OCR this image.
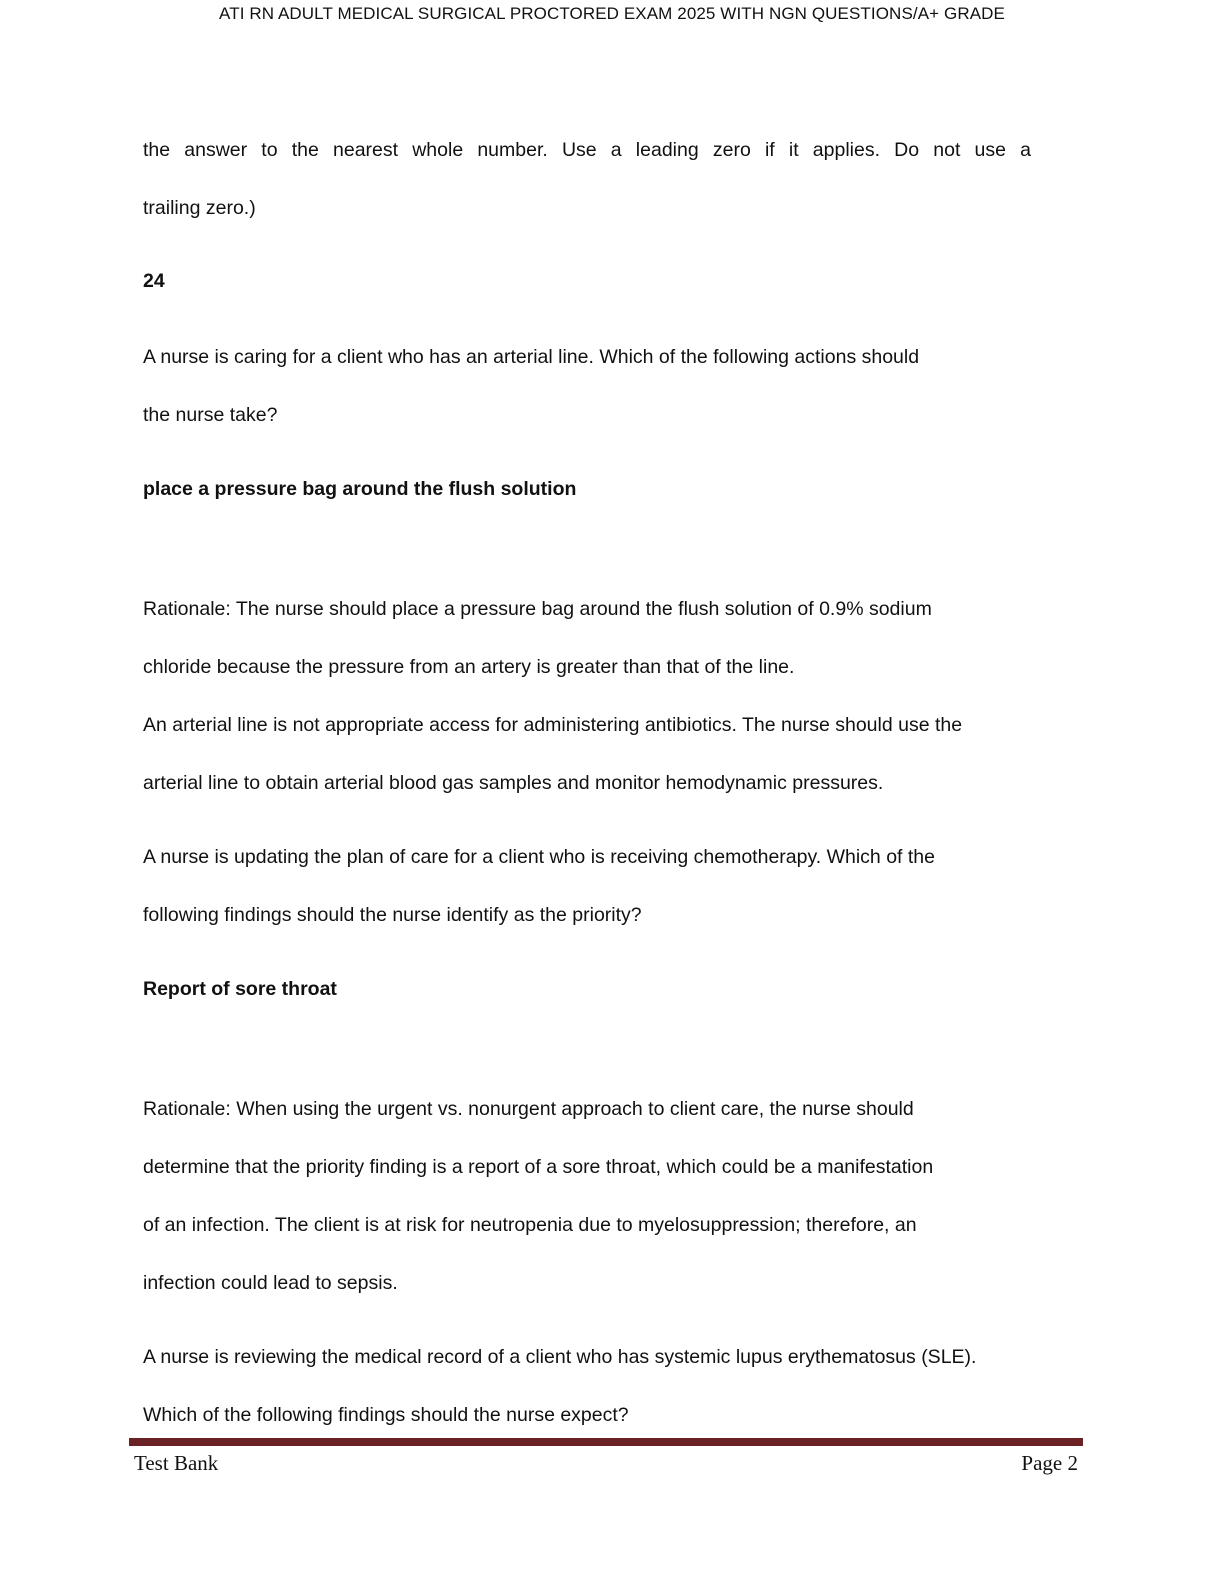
ATI RN ADULT MEDICAL SURGICAL PROCTORED EXAM 2025 WITH NGN QUESTIONS/A+ GRADE
the answer to the nearest whole number. Use a leading zero if it applies. Do not use a
trailing zero.)
24
A nurse is caring for a client who has an arterial line. Which of the following actions should
the nurse take?
place a pressure bag around the flush solution
Rationale: The nurse should place a pressure bag around the flush solution of 0.9% sodium
chloride because the pressure from an artery is greater than that of the line.
An arterial line is not appropriate access for administering antibiotics. The nurse should use the
arterial line to obtain arterial blood gas samples and monitor hemodynamic pressures.
A nurse is updating the plan of care for a client who is receiving chemotherapy. Which of the
following findings should the nurse identify as the priority?
Report of sore throat
Rationale: When using the urgent vs. nonurgent approach to client care, the nurse should
determine that the priority finding is a report of a sore throat, which could be a manifestation
of an infection. The client is at risk for neutropenia due to myelosuppression; therefore, an
infection could lead to sepsis.
A nurse is reviewing the medical record of a client who has systemic lupus erythematosus (SLE).
Which of the following findings should the nurse expect?
Test Bank	Page 2
